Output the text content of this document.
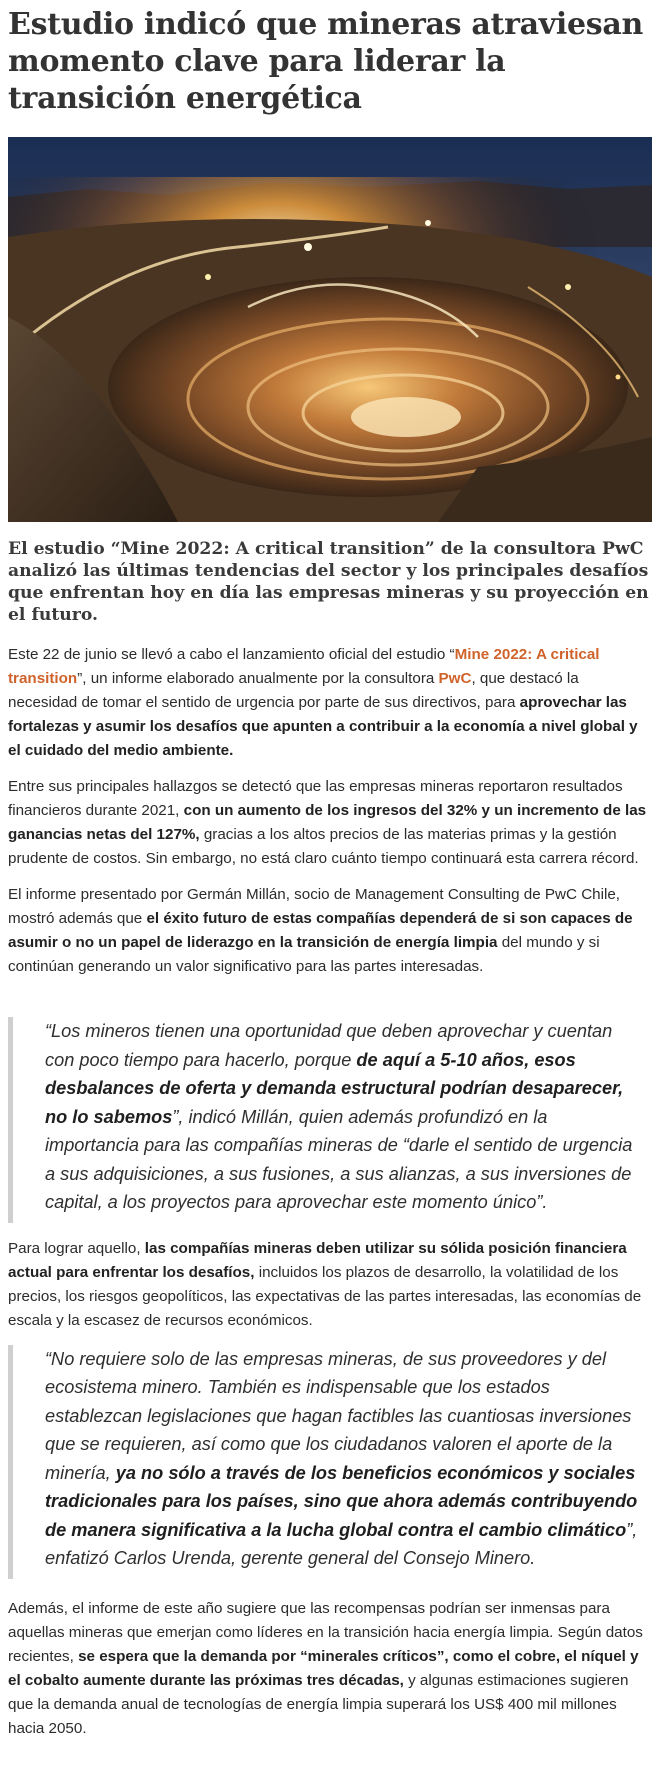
Estudio indicó que mineras atraviesan momento clave para liderar la transición energética
El estudio “Mine 2022: A critical transition” de la consultora PwC analizó las últimas tendencias del sector y los principales desafíos que enfrentan hoy en día las empresas mineras y su proyección en el futuro.

Este 22 de junio se llevó a cabo el lanzamiento oficial del estudio “Mine 2022: A critical transition”, un informe elaborado anualmente por la consultora PwC, que destacó la necesidad de tomar el sentido de urgencia por parte de sus directivos, para aprovechar las fortalezas y asumir los desafíos que apunten a contribuir a la economía a nivel global y el cuidado del medio ambiente.

Entre sus principales hallazgos se detectó que las empresas mineras reportaron resultados financieros durante 2021, con un aumento de los ingresos del 32% y un incremento de las ganancias netas del 127%, gracias a los altos precios de las materias primas y la gestión prudente de costos. Sin embargo, no está claro cuánto tiempo continuará esta carrera récord.

El informe presentado por Germán Millán, socio de Management Consulting de PwC Chile, mostró además que el éxito futuro de estas compañías dependerá de si son capaces de asumir o no un papel de liderazgo en la transición de energía limpia del mundo y si continúan generando un valor significativo para las partes interesadas.

“Los mineros tienen una oportunidad que deben aprovechar y cuentan con poco tiempo para hacerlo, porque de aquí a 5-10 años, esos desbalances de oferta y demanda estructural podrían desaparecer, no lo sabemos”, indicó Millán, quien además profundizó en la importancia para las compañías mineras de “darle el sentido de urgencia a sus adquisiciones, a sus fusiones, a sus alianzas, a sus inversiones de capital, a los proyectos para aprovechar este momento único”.

Para lograr aquello, las compañías mineras deben utilizar su sólida posición financiera actual para enfrentar los desafíos, incluidos los plazos de desarrollo, la volatilidad de los precios, los riesgos geopolíticos, las expectativas de las partes interesadas, las economías de escala y la escasez de recursos económicos.

“No requiere solo de las empresas mineras, de sus proveedores y del ecosistema minero. También es indispensable que los estados establezcan legislaciones que hagan factibles las cuantiosas inversiones que se requieren, así como que los ciudadanos valoren el aporte de la minería, ya no sólo a través de los beneficios económicos y sociales tradicionales para los países, sino que ahora además contribuyendo de manera significativa a la lucha global contra el cambio climático”, enfatizó Carlos Urenda, gerente general del Consejo Minero.

Además, el informe de este año sugiere que las recompensas podrían ser inmensas para aquellas mineras que emerjan como líderes en la transición hacia energía limpia. Según datos recientes, se espera que la demanda por “minerales críticos”, como el cobre, el níquel y el cobalto aumente durante las próximas tres décadas, y algunas estimaciones sugieren que la demanda anual de tecnologías de energía limpia superará los US$ 400 mil millones hacia 2050.
